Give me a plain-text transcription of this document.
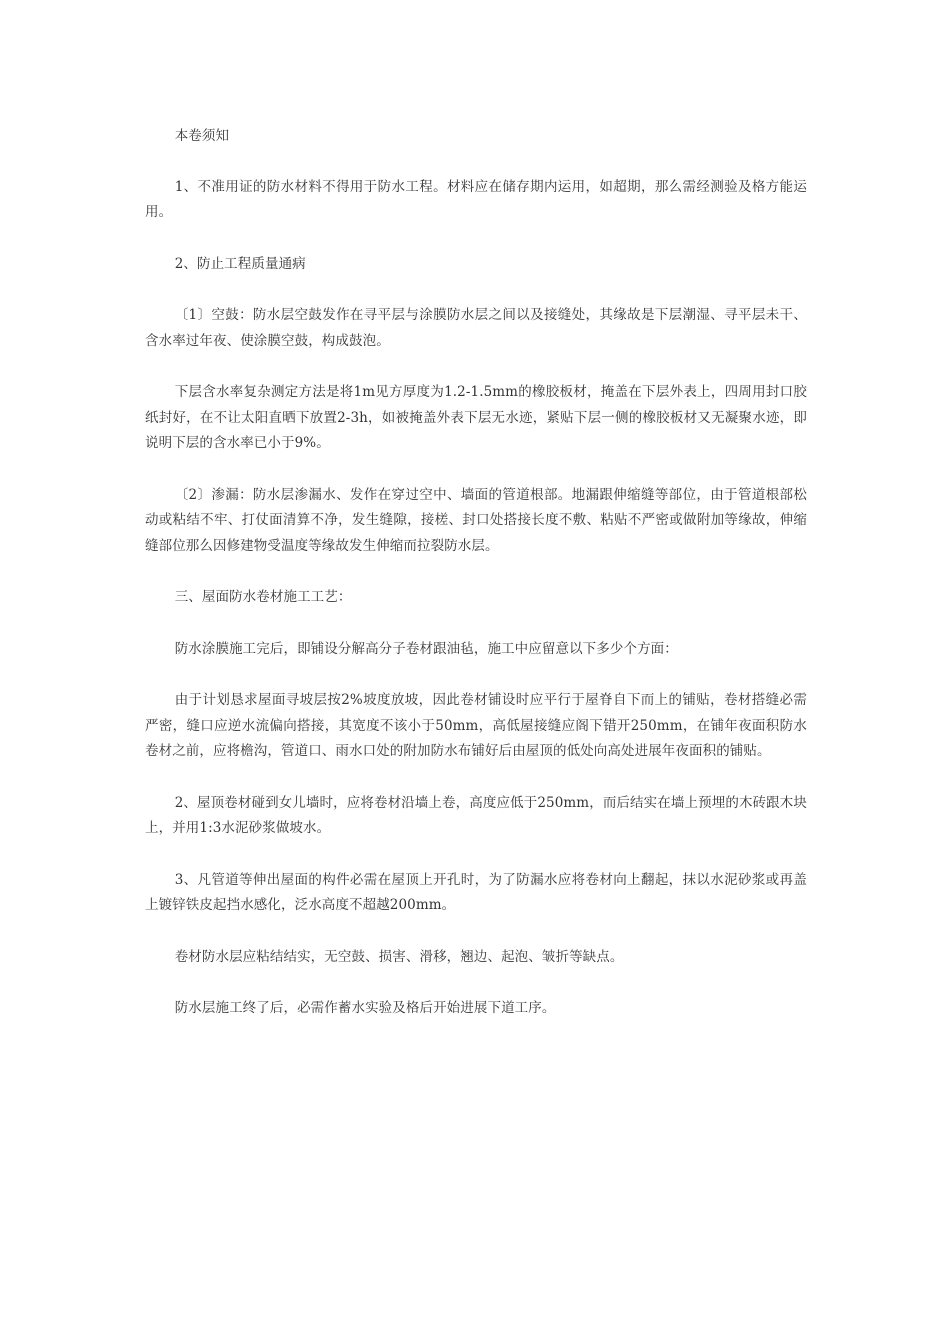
本卷须知

1、不准用证的防水材料不得用于防水工程。材料应在储存期内运用，如超期，那么需经测验及格方能运用。

2、防止工程质量通病

〔1〕空鼓：防水层空鼓发作在寻平层与涂膜防水层之间以及接缝处，其缘故是下层潮湿、寻平层未干、含水率过年夜、使涂膜空鼓，构成鼓泡。

下层含水率复杂测定方法是将1m见方厚度为1.2-1.5mm的橡胶板材，掩盖在下层外表上，四周用封口胶纸封好，在不让太阳直晒下放置2-3h，如被掩盖外表下层无水迹，紧贴下层一侧的橡胶板材又无凝聚水迹，即说明下层的含水率已小于9%。

〔2〕渗漏：防水层渗漏水、发作在穿过空中、墙面的管道根部。地漏跟伸缩缝等部位，由于管道根部松动或粘结不牢、打仗面清算不净，发生缝隙，接槎、封口处搭接长度不敷、粘贴不严密或做附加等缘故，伸缩缝部位那么因修建物受温度等缘故发生伸缩而拉裂防水层。

三、屋面防水卷材施工工艺：

防水涂膜施工完后，即铺设分解高分子卷材跟油毡，施工中应留意以下多少个方面：

由于计划恳求屋面寻坡层按2%坡度放坡，因此卷材铺设时应平行于屋脊自下而上的铺贴，卷材搭缝必需严密，缝口应逆水流偏向搭接，其宽度不该小于50mm，高低屋接缝应阁下错开250mm，在铺年夜面积防水卷材之前，应将檐沟，管道口、雨水口处的附加防水布铺好后由屋顶的低处向高处进展年夜面积的铺贴。

2、屋顶卷材碰到女儿墙时，应将卷材沿墙上卷，高度应低于250mm，而后结实在墙上预埋的木砖跟木块上，并用1:3水泥砂浆做坡水。

3、凡管道等伸出屋面的构件必需在屋顶上开孔时，为了防漏水应将卷材向上翻起，抹以水泥砂浆或再盖上镀锌铁皮起挡水感化，泛水高度不超越200mm。

卷材防水层应粘结结实，无空鼓、损害、滑移，翘边、起泡、皱折等缺点。

防水层施工终了后，必需作蓄水实验及格后开始进展下道工序。
